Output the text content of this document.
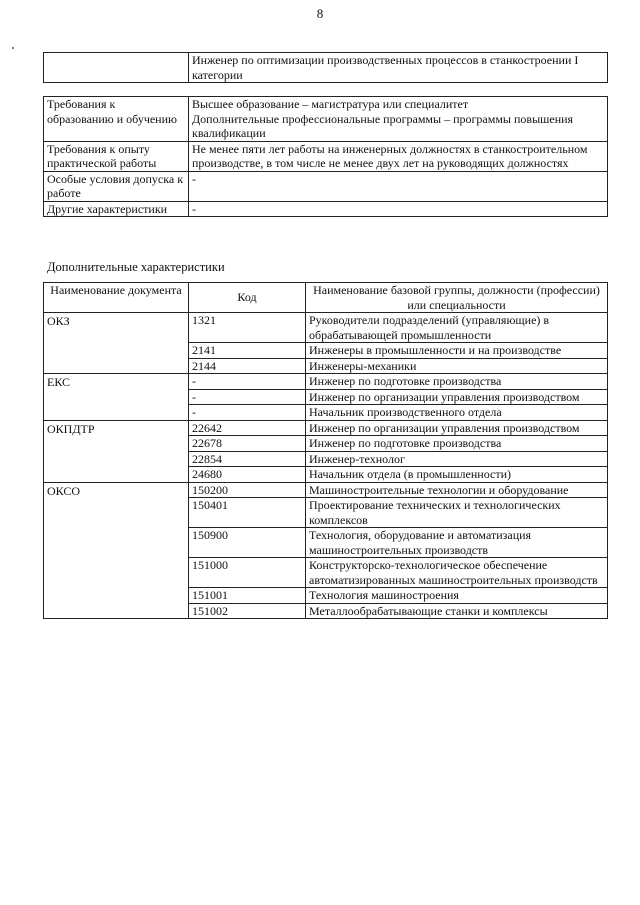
8
	Инженер по оптимизации производственных процессов в станкостроении I категории
Требования к образованию и обучению	Высшее образование – магистратура или специалитет
Дополнительные профессиональные программы – программы повышения квалификации

Требования к опыту практической работы	Не менее пяти лет работы на инженерных должностях в станкостроительном производстве, в том числе не менее двух лет на руководящих должностях

Особые условия допуска к работе	-

Другие характеристики	-
Дополнительные характеристики
Наименование документа	Код	Наименование базовой группы, должности (профессии) или специальности
ОКЗ	1321	Руководители подразделений (управляющие) в обрабатывающей промышленности
	2141	Инженеры в промышленности и на производстве
	2144	Инженеры-механики
ЕКС	-	Инженер по подготовке производства
	-	Инженер по организации управления производством
	-	Начальник производственного отдела
ОКПДТР	22642	Инженер по организации управления производством
	22678	Инженер по подготовке производства
	22854	Инженер-технолог
	24680	Начальник отдела (в промышленности)
ОКСО	150200	Машиностроительные технологии и оборудование
	150401	Проектирование технических и технологических комплексов
	150900	Технология, оборудование и автоматизация машиностроительных производств
	151000	Конструкторско-технологическое обеспечение автоматизированных машиностроительных производств
	151001	Технология машиностроения
	151002	Металлообрабатывающие станки и комплексы
